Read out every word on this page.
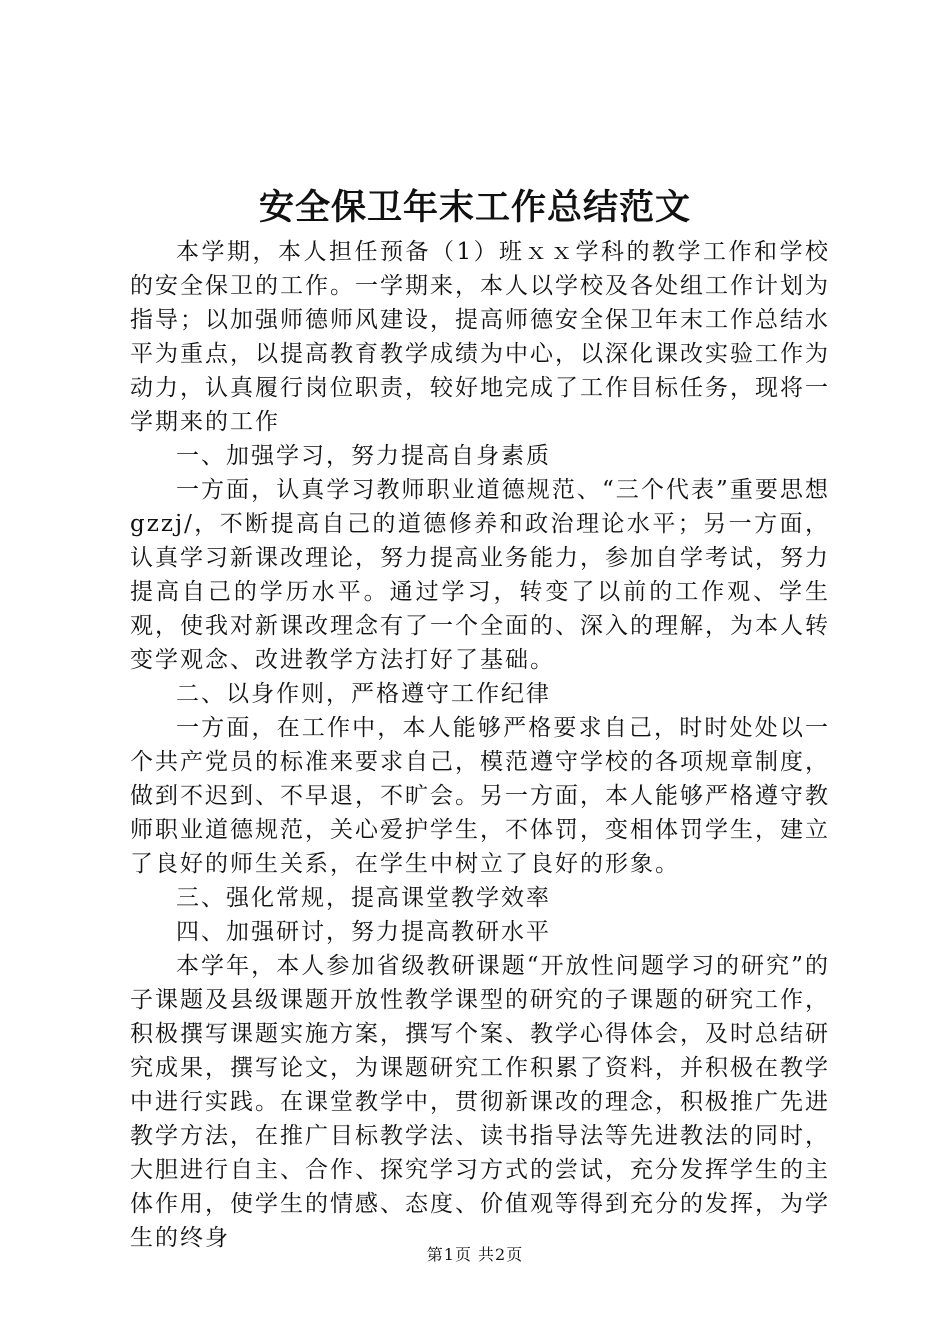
安全保卫年末工作总结范文

本学期，本人担任预备（1）班ｘｘ学科的教学工作和学校的安全保卫的工作。一学期来，本人以学校及各处组工作计划为指导；以加强师德师风建设，提高师德安全保卫年末工作总结水平为重点，以提高教育教学成绩为中心，以深化课改实验工作为动力，认真履行岗位职责，较好地完成了工作目标任务，现将一学期来的工作

一、加强学习，努力提高自身素质

一方面，认真学习教师职业道德规范、“三个代表”重要思想gzzj/，不断提高自己的道德修养和政治理论水平；另一方面，认真学习新课改理论，努力提高业务能力，参加自学考试，努力提高自己的学历水平。通过学习，转变了以前的工作观、学生观，使我对新课改理念有了一个全面的、深入的理解，为本人转变学观念、改进教学方法打好了基础。

二、以身作则，严格遵守工作纪律

一方面，在工作中，本人能够严格要求自己，时时处处以一个共产党员的标准来要求自己，模范遵守学校的各项规章制度，做到不迟到、不早退，不旷会。另一方面，本人能够严格遵守教师职业道德规范，关心爱护学生，不体罚，变相体罚学生，建立了良好的师生关系，在学生中树立了良好的形象。

三、强化常规，提高课堂教学效率

四、加强研讨，努力提高教研水平

本学年，本人参加省级教研课题“开放性问题学习的研究”的子课题及县级课题开放性教学课型的研究的子课题的研究工作，积极撰写课题实施方案，撰写个案、教学心得体会，及时总结研究成果，撰写论文，为课题研究工作积累了资料，并积极在教学中进行实践。在课堂教学中，贯彻新课改的理念，积极推广先进教学方法，在推广目标教学法、读书指导法等先进教法的同时，大胆进行自主、合作、探究学习方式的尝试，充分发挥学生的主体作用，使学生的情感、态度、价值观等得到充分的发挥，为学生的终身

第1页 共2页
